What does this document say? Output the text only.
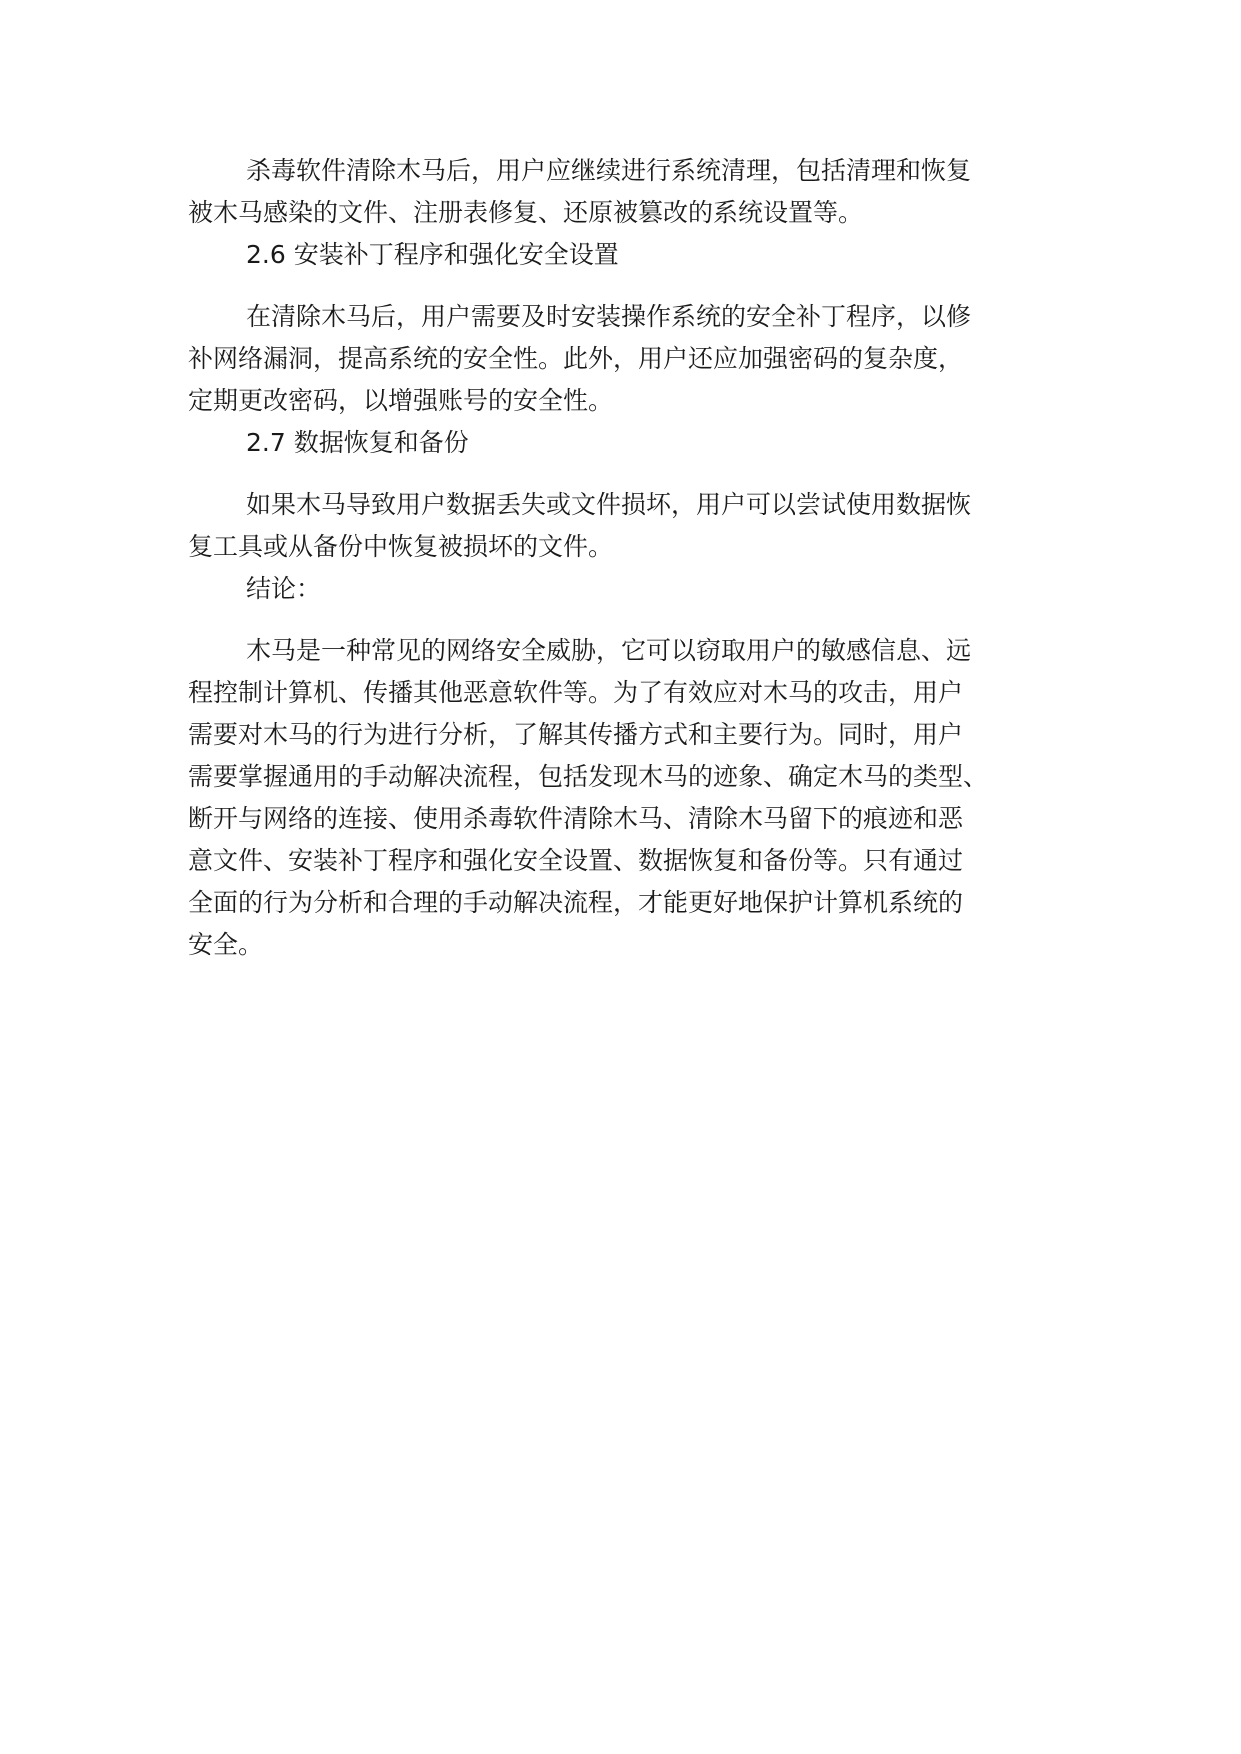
杀毒软件清除木马后，用户应继续进行系统清理，包括清理和恢复
被木马感染的文件、注册表修复、还原被篡改的系统设置等。

2.6 安装补丁程序和强化安全设置

在清除木马后，用户需要及时安装操作系统的安全补丁程序，以修
补网络漏洞，提高系统的安全性。此外，用户还应加强密码的复杂度，
定期更改密码，以增强账号的安全性。

2.7 数据恢复和备份

如果木马导致用户数据丢失或文件损坏，用户可以尝试使用数据恢
复工具或从备份中恢复被损坏的文件。

结论：

木马是一种常见的网络安全威胁，它可以窃取用户的敏感信息、远
程控制计算机、传播其他恶意软件等。为了有效应对木马的攻击，用户
需要对木马的行为进行分析，了解其传播方式和主要行为。同时，用户
需要掌握通用的手动解决流程，包括发现木马的迹象、确定木马的类型、
断开与网络的连接、使用杀毒软件清除木马、清除木马留下的痕迹和恶
意文件、安装补丁程序和强化安全设置、数据恢复和备份等。只有通过
全面的行为分析和合理的手动解决流程，才能更好地保护计算机系统的
安全。
